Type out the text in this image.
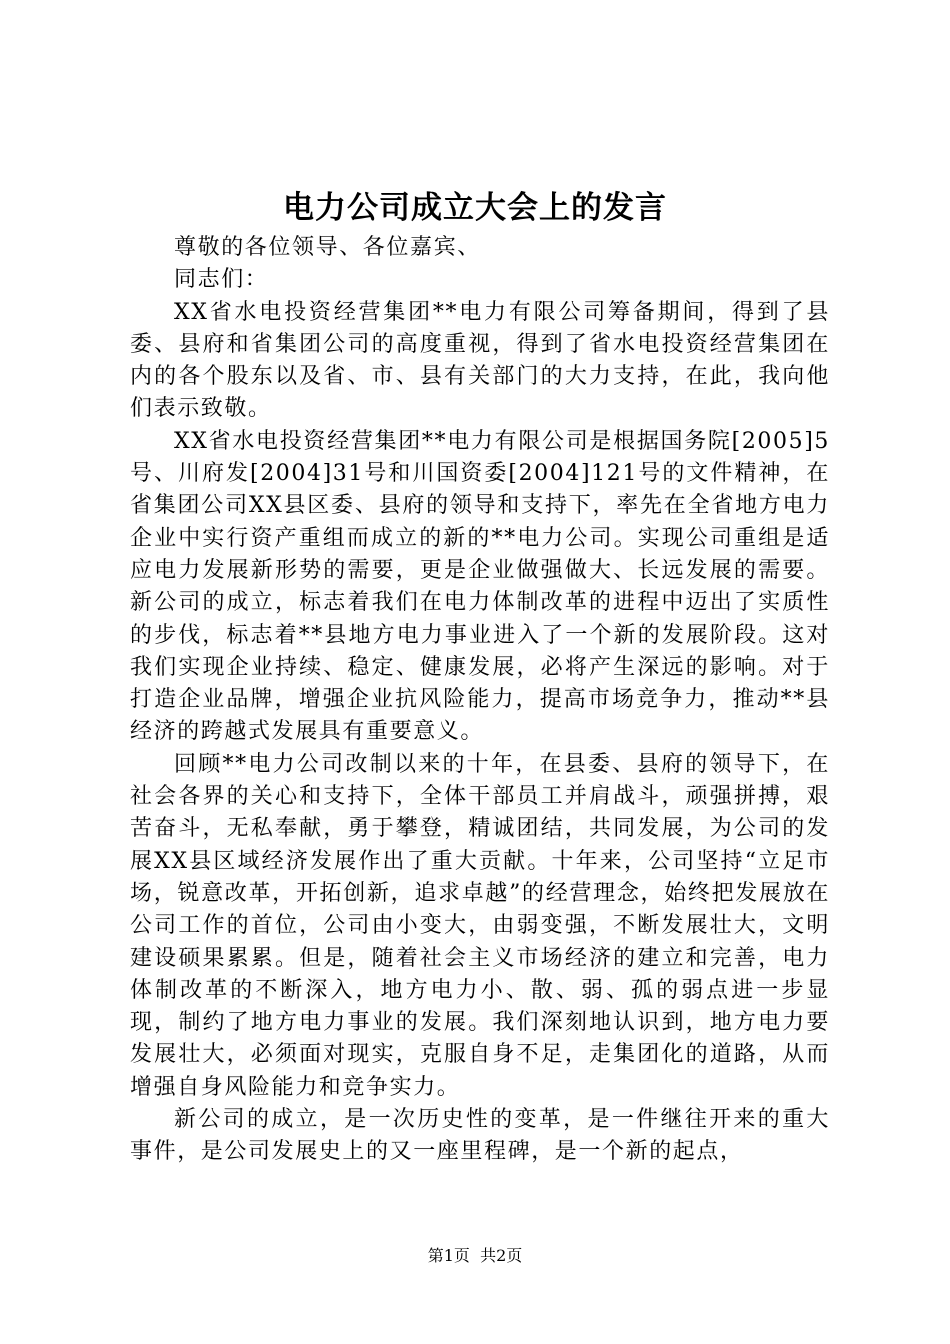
电力公司成立大会上的发言

尊敬的各位领导、各位嘉宾、

同志们：

XX省水电投资经营集团**电力有限公司筹备期间，得到了县委、县府和省集团公司的高度重视，得到了省水电投资经营集团在内的各个股东以及省、市、县有关部门的大力支持，在此，我向他们表示致敬。

XX省水电投资经营集团**电力有限公司是根据国务院[2005]5号、川府发[2004]31号和川国资委[2004]121号的文件精神，在省集团公司XX县区委、县府的领导和支持下，率先在全省地方电力企业中实行资产重组而成立的新的**电力公司。实现公司重组是适应电力发展新形势的需要，更是企业做强做大、长远发展的需要。新公司的成立，标志着我们在电力体制改革的进程中迈出了实质性的步伐，标志着**县地方电力事业进入了一个新的发展阶段。这对我们实现企业持续、稳定、健康发展，必将产生深远的影响。对于打造企业品牌，增强企业抗风险能力，提高市场竞争力，推动**县经济的跨越式发展具有重要意义。

回顾**电力公司改制以来的十年，在县委、县府的领导下，在社会各界的关心和支持下，全体干部员工并肩战斗，顽强拼搏，艰苦奋斗，无私奉献，勇于攀登，精诚团结，共同发展，为公司的发展XX县区域经济发展作出了重大贡献。十年来，公司坚持“立足市场，锐意改革，开拓创新，追求卓越”的经营理念，始终把发展放在公司工作的首位，公司由小变大，由弱变强，不断发展壮大，文明建设硕果累累。但是，随着社会主义市场经济的建立和完善，电力体制改革的不断深入，地方电力小、散、弱、孤的弱点进一步显现，制约了地方电力事业的发展。我们深刻地认识到，地方电力要发展壮大，必须面对现实，克服自身不足，走集团化的道路，从而增强自身风险能力和竞争实力。

新公司的成立，是一次历史性的变革，是一件继往开来的重大事件，是公司发展史上的又一座里程碑，是一个新的起点，

第1页  共2页
